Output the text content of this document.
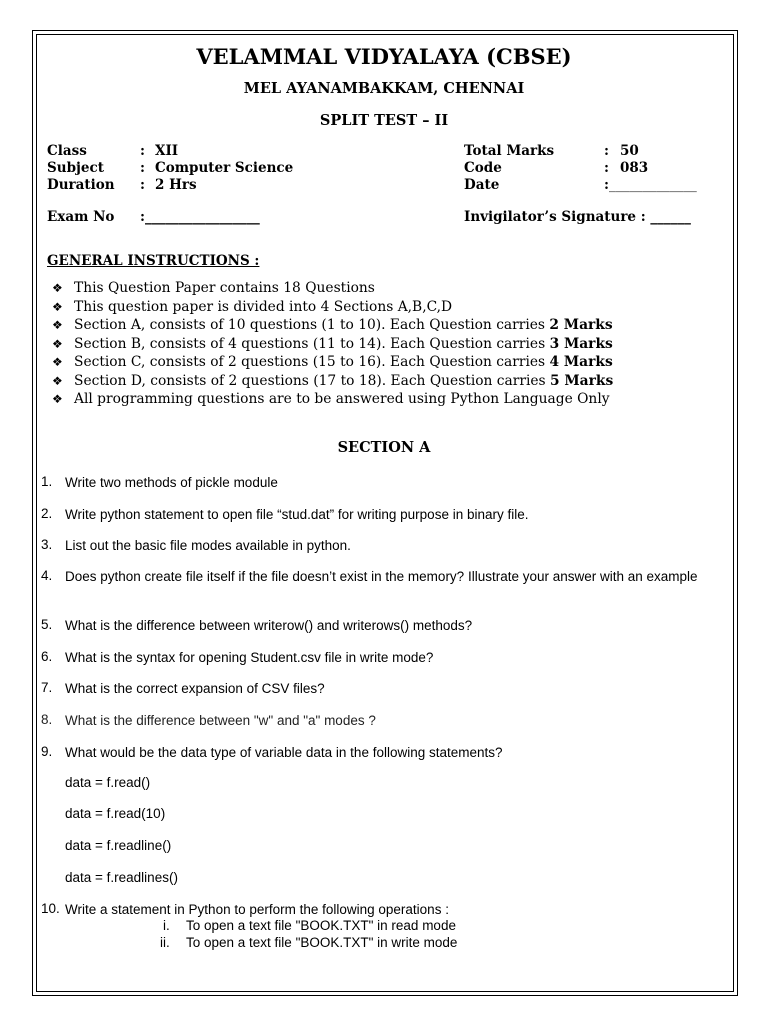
VELAMMAL VIDYALAYA (CBSE)
MEL AYANAMBAKKAM, CHENNAI
SPLIT TEST – II
Class	: XII
Subject	: Computer Science
Duration : 2 Hrs
Total Marks	: 50
Code	: 083
Date	: _____________
Exam No :_________________	Invigilator’s Signature : ______
GENERAL INSTRUCTIONS :
❖ This Question Paper contains 18 Questions
❖ This question paper is divided into 4 Sections A,B,C,D
❖ Section A, consists of 10 questions (1 to 10). Each Question carries 2 Marks
❖ Section B, consists of 4 questions (11 to 14). Each Question carries 3 Marks
❖ Section C, consists of 2 questions (15 to 16). Each Question carries 4 Marks
❖ Section D, consists of 2 questions (17 to 18). Each Question carries 5 Marks
❖ All programming questions are to be answered using Python Language Only
SECTION A
1. Write two methods of pickle module
2. Write python statement to open file “stud.dat” for writing purpose in binary file.
3. List out the basic file modes available in python.
4. Does python create file itself if the file doesn’t exist in the memory? Illustrate your answer with an example
5. What is the difference between writerow() and writerows() methods?
6. What is the syntax for opening Student.csv file in write mode?
7. What is the correct expansion of CSV files?
8. What is the difference between "w" and "a" modes ?
9. What would be the data type of variable data in the following statements?
data = f.read()
data = f.read(10)
data = f.readline()
data = f.readlines()
10. Write a statement in Python to perform the following operations :
i. To open a text file "BOOK.TXT" in read mode
ii. To open a text file "BOOK.TXT" in write mode
